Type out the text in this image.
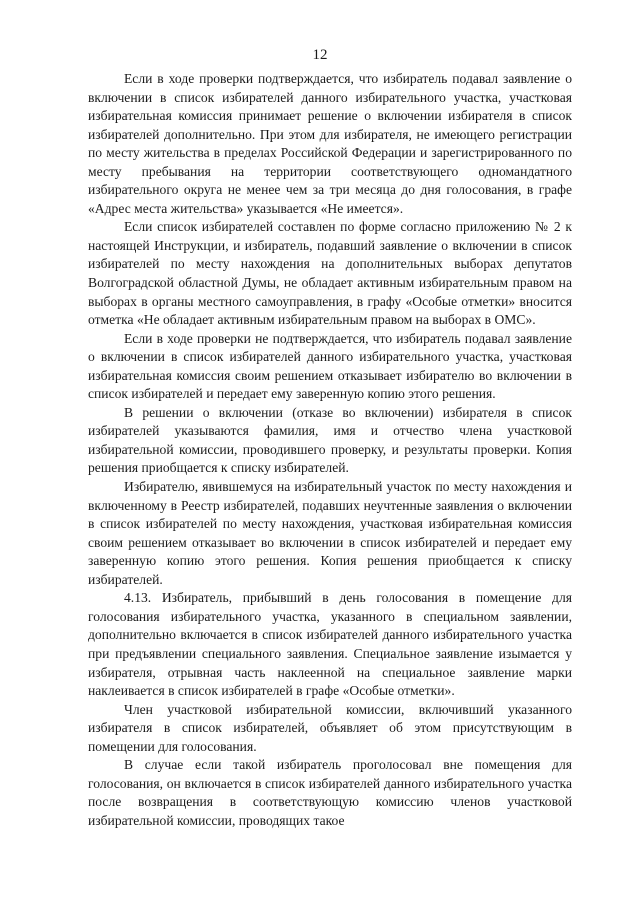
12

Если в ходе проверки подтверждается, что избиратель подавал заявление о включении в список избирателей данного избирательного участка, участковая избирательная комиссия принимает решение о включении избирателя в список избирателей дополнительно. При этом для избирателя, не имеющего регистрации по месту жительства в пределах Российской Федерации и зарегистрированного по месту пребывания на территории соответствующего одномандатного избирательного округа не менее чем за три месяца до дня голосования, в графе «Адрес места жительства» указывается «Не имеется».

Если список избирателей составлен по форме согласно приложению № 2 к настоящей Инструкции, и избиратель, подавший заявление о включении в список избирателей по месту нахождения на дополнительных выборах депутатов Волгоградской областной Думы, не обладает активным избирательным правом на выборах в органы местного самоуправления, в графу «Особые отметки» вносится отметка «Не обладает активным избирательным правом на выборах в ОМС».

Если в ходе проверки не подтверждается, что избиратель подавал заявление о включении в список избирателей данного избирательного участка, участковая избирательная комиссия своим решением отказывает избирателю во включении в список избирателей и передает ему заверенную копию этого решения.

В решении о включении (отказе во включении) избирателя в список избирателей указываются фамилия, имя и отчество члена участковой избирательной комиссии, проводившего проверку, и результаты проверки. Копия решения приобщается к списку избирателей.

Избирателю, явившемуся на избирательный участок по месту нахождения и включенному в Реестр избирателей, подавших неучтенные заявления о включении в список избирателей по месту нахождения, участковая избирательная комиссия своим решением отказывает во включении в список избирателей и передает ему заверенную копию этого решения. Копия решения приобщается к списку избирателей.

4.13. Избиратель, прибывший в день голосования в помещение для голосования избирательного участка, указанного в специальном заявлении, дополнительно включается в список избирателей данного избирательного участка при предъявлении специального заявления. Специальное заявление изымается у избирателя, отрывная часть наклеенной на специальное заявление марки наклеивается в список избирателей в графе «Особые отметки».

Член участковой избирательной комиссии, включивший указанного избирателя в список избирателей, объявляет об этом присутствующим в помещении для голосования.

В случае если такой избиратель проголосовал вне помещения для голосования, он включается в список избирателей данного избирательного участка после возвращения в соответствующую комиссию членов участковой избирательной комиссии, проводящих такое
